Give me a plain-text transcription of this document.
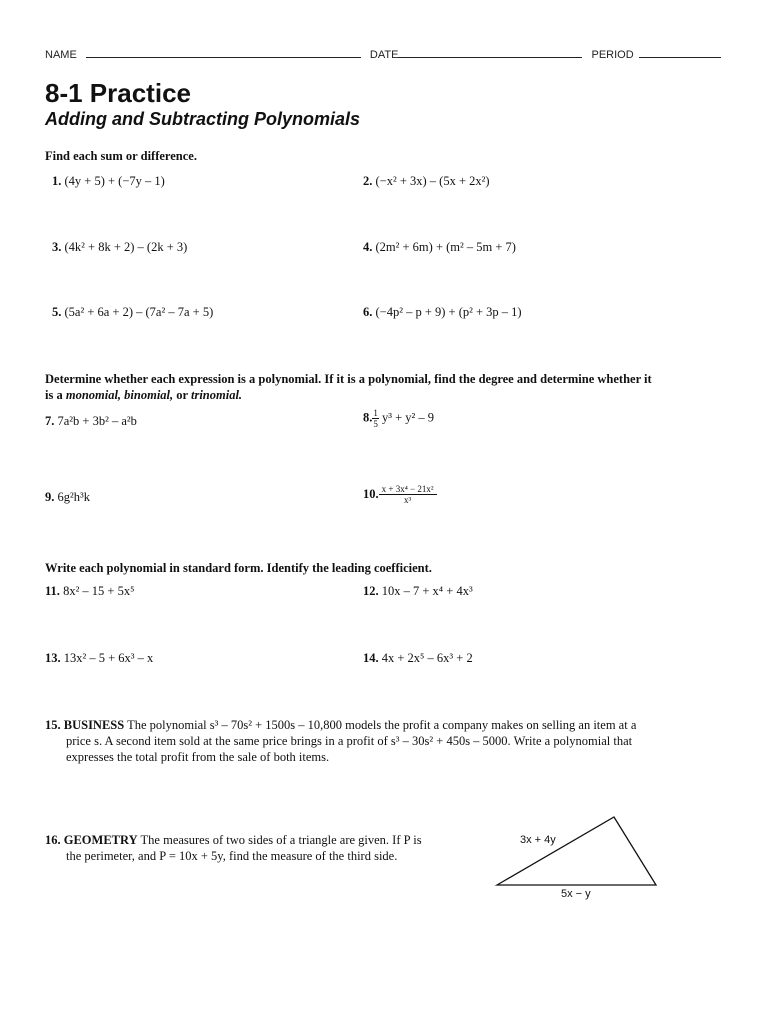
NAME	DATE	PERIOD
8-1 Practice
Adding and Subtracting Polynomials
Find each sum or difference.
1. (4y + 5) + (−7y – 1)	2. (−x² + 3x) – (5x + 2x²)
3. (4k² + 8k + 2) – (2k + 3)	4. (2m² + 6m) + (m² – 5m + 7)
5. (5a² + 6a + 2) – (7a² – 7a + 5)	6. (−4p² – p + 9) + (p² + 3p – 1)
Determine whether each expression is a polynomial. If it is a polynomial, find the degree and determine whether it
is a monomial, binomial, or trinomial.
7. 7a²b + 3b² – a²b	8. $\frac{1}{5} y^3 + y^2 - 9$
9. 6g²h³k	10. $\frac{\text{x + 3x⁴ − 21x²}}{\text{x³}}$
Write each polynomial in standard form. Identify the leading coefficient.
11. 8x² – 15 + 5x⁵	12. 10x – 7 + x⁴ + 4x³
13. 13x² – 5 + 6x³ – x	14. 4x + 2x⁵ – 6x³ + 2
15. BUSINESS The polynomial s³ – 70s² + 1500s – 10,800 models the profit a company makes on selling an item at a
price s. A second item sold at the same price brings in a profit of s³ – 30s² + 450s – 5000. Write a polynomial that
expresses the total profit from the sale of both items.
16. GEOMETRY The measures of two sides of a triangle are given. If P is
the perimeter, and P = 10x + 5y, find the measure of the third side.
3x + 4y
5x − y
